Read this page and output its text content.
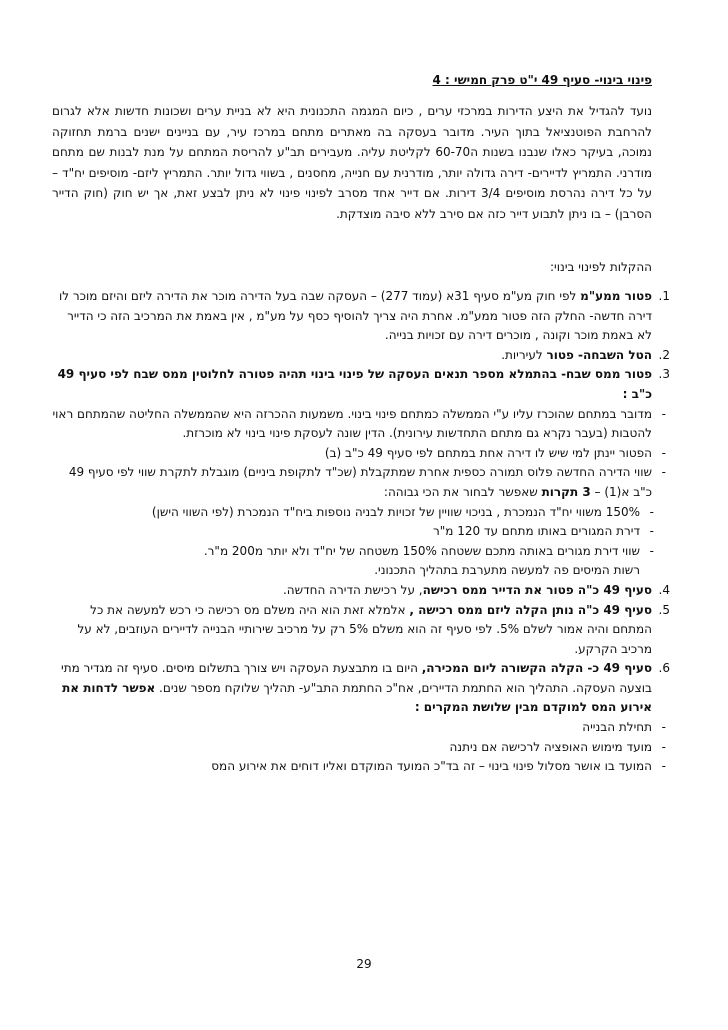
פינוי בינוי- סעיף 49 י"ט פרק חמישי : 4
נועד להגדיל את היצע הדירות במרכזי ערים , כיום המגמה התכנונית היא לא בניית ערים ושכונות חדשות אלא לגרום להרחבת הפוטנציאל בתוך העיר. מדובר בעסקה בה מאתרים מתחם במרכז עיר, עם בניינים ישנים ברמת תחזוקה נמוכה, בעיקר כאלו שנבנו בשנות ה60-70 לקליטת עליה. מעבירים תב"ע להריסת המתחם על מנת לבנות שם מתחם מודרני. התמריץ לדיירים- דירה גדולה יותר, מודרנית עם חנייה, מחסנים , בשווי גדול יותר. התמריץ ליזם- מוסיפים יח"ד – על כל דירה נהרסת מוסיפים 3/4 דירות. אם דייר אחד מסרב לפינוי פינוי לא ניתן לבצע זאת, אך יש חוק (חוק הדייר הסרבן) – בו ניתן לתבוע דייר כזה אם סירב ללא סיבה מוצדקת.
ההקלות לפינוי בינוי:
1.
פטור ממע"מ לפי חוק מע"מ סעיף 31א (עמוד 277) – העסקה שבה בעל הדירה מוכר את הדירה ליזם והיזם מוכר לו דירה חדשה- החלק הזה פטור ממע"מ. אחרת היה צריך להוסיף כסף על מע"מ , אין באמת את המרכיב הזה כי הדייר לא באמת מוכר וקונה , מוכרים דירה עם זכויות בנייה.
2.
הטל השבחה- פטור לעיריות.
3.
פטור ממס שבח- בהתמלא מספר תנאים העסקה של פינוי בינוי תהיה פטורה לחלוטין ממס שבח לפי סעיף 49 כ"ב :
-
מדובר במתחם שהוכרז עליו ע"י הממשלה כמתחם פינוי בינוי. משמעות ההכרזה היא שהממשלה החליטה שהמתחם ראוי להטבות (בעבר נקרא גם מתחם התחדשות עירונית). הדין שונה לעסקת פינוי בינוי לא מוכרזת.
-
הפטור יינתן למי שיש לו דירה אחת במתחם לפי סעיף 49 כ"ב (ב)
-
שווי הדירה החדשה פלוס תמורה כספית אחרת שמתקבלת (שכ"ד לתקופת ביניים) מוגבלת לתקרת שווי לפי סעיף 49 כ"ב א(1) – 3 תקרות שאפשר לבחור את הכי גבוהה:
-
150% משווי יח"ד הנמכרת , בניכוי שוויין של זכויות לבניה נוספות ביח"ד הנמכרת (לפי השווי הישן)
-
דירת המגורים באותו מתחם עד 120 מ"ר
-
שווי דירת מגורים באותה מתכם ששטחה 150% משטחה של יח"ד ולא יותר מ200 מ"ר.
רשות המיסים פה למעשה מתערבת בתהליך התכנוני.
4.
סעיף 49 כ"ה פטור את הדייר ממס רכישה, על רכישת הדירה החדשה.
5.
סעיף 49 כ"ה נותן הקלה ליזם ממס רכישה , אלמלא זאת הוא היה משלם מס רכישה כי רכש למעשה את כל המתחם והיה אמור לשלם 5%. לפי סעיף זה הוא משלם 5% רק על מרכיב שירותיי הבנייה לדיירים העוזבים, לא על מרכיב הקרקע.
6.
סעיף 49 כ- הקלה הקשורה ליום המכירה, היום בו מתבצעת העסקה ויש צורך בתשלום מיסים. סעיף זה מגדיר מתי בוצעה העסקה. התהליך הוא החתמת הדיירים, אח"כ החתמת התב"ע- תהליך שלוקח מספר שנים. אפשר לדחות את אירוע המס למוקדם מבין שלושת המקרים :
-
תחילת הבנייה
-
מועד מימוש האופציה לרכישה אם ניתנה
-
המועד בו אושר מסלול פינוי בינוי – זה בד"כ המועד המוקדם ואליו דוחים את אירוע המס
29
